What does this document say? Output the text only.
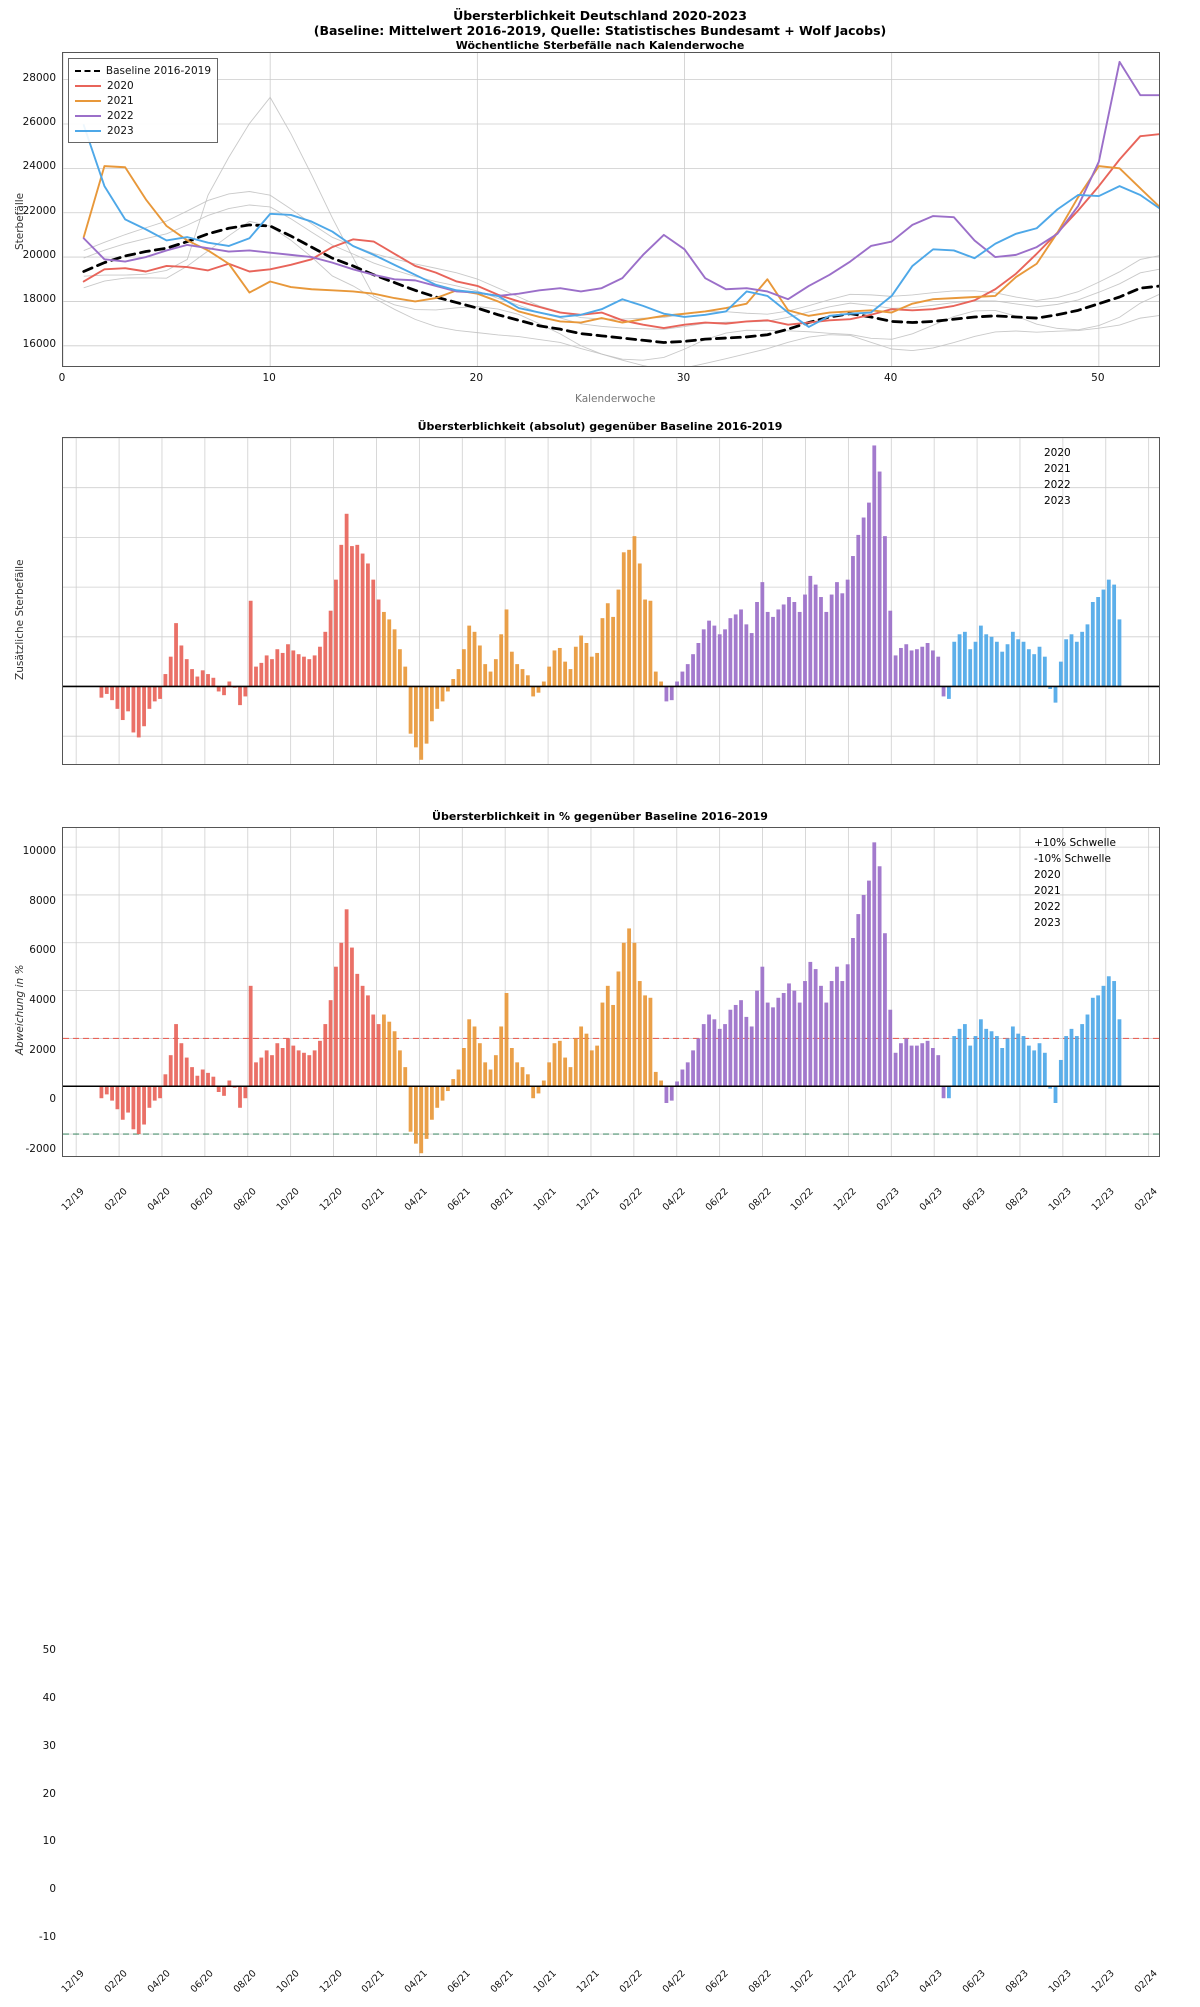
Übersterblichkeit Deutschland 2020-2023
(Baseline: Mittelwert 2016-2019, Quelle: Statistisches Bundesamt + Wolf Jacobs)
Wöchentliche Sterbefälle nach Kalenderwoche
16000
18000
20000
22000
24000
26000
28000
0	10	20	30	40	50
Sterbefälle
Kalenderwoche
Baseline 2016-2019
2020
2021
2022
2023
Übersterblichkeit (absolut) gegenüber Baseline 2016-2019
-2000
0
2000
4000
6000
8000
10000
12/19	02/20	04/20	06/20	08/20	10/20	12/20	02/21	04/21	06/21	08/21	10/21	12/21	02/22	04/22	06/22	08/22	10/22	12/22	02/23	04/23	06/23	08/23	10/23	12/23	02/24
Zusätzliche Sterbefälle
2020
2021
2022
2023
Übersterblichkeit in % gegenüber Baseline 2016–2019
-10
0
10
20
30
40
50
12/19	02/20	04/20	06/20	08/20	10/20	12/20	02/21	04/21	06/21	08/21	10/21	12/21	02/22	04/22	06/22	08/22	10/22	12/22	02/23	04/23	06/23	08/23	10/23	12/23	02/24
Abweichung in %
+10% Schwelle
-10% Schwelle
2020
2021
2022
2023
